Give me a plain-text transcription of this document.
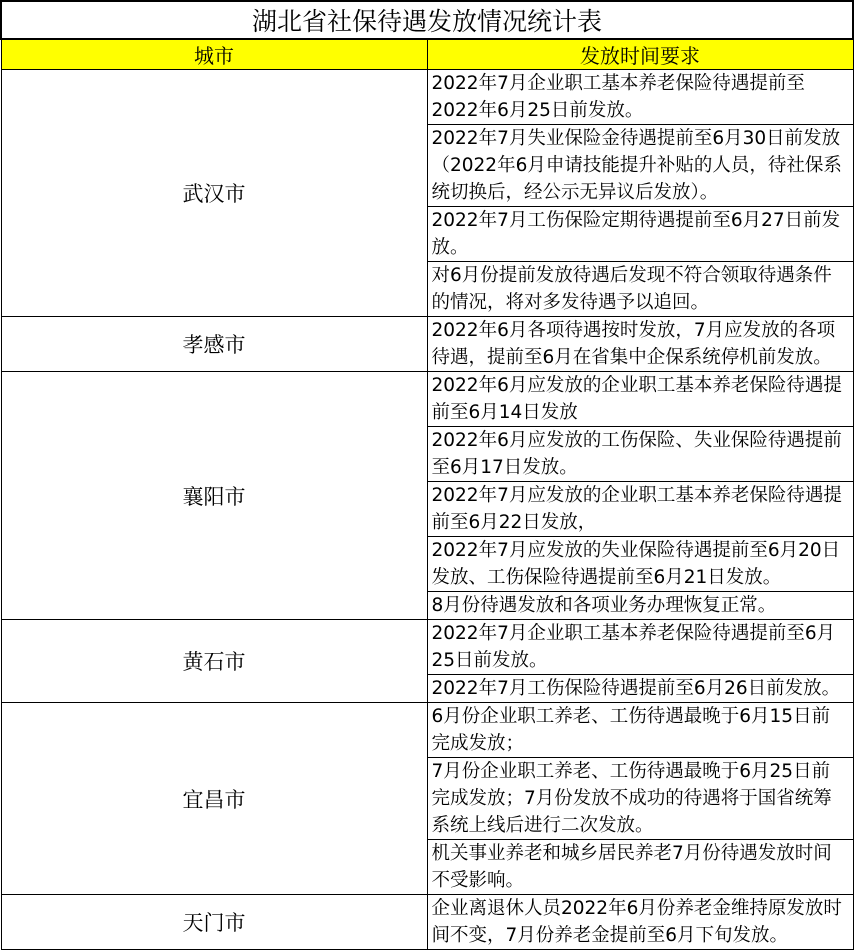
湖北省社保待遇发放情况统计表	
城市	发放时间要求
武汉市	2022年7月企业职工基本养老保险待遇提前至2022年6月25日前发放。
	2022年7月失业保险金待遇提前至6月30日前发放（2022年6月申请技能提升补贴的人员，待社保系统切换后，经公示无异议后发放）。
	2022年7月工伤保险定期待遇提前至6月27日前发放。
	对6月份提前发放待遇后发现不符合领取待遇条件的情况，将对多发待遇予以追回。
孝感市	2022年6月各项待遇按时发放，7月应发放的各项待遇，提前至6月在省集中企保系统停机前发放。
襄阳市	2022年6月应发放的企业职工基本养老保险待遇提前至6月14日发放
	2022年6月应发放的工伤保险、失业保险待遇提前至6月17日发放。
	2022年7月应发放的企业职工基本养老保险待遇提前至6月22日发放，
	2022年7月应发放的失业保险待遇提前至6月20日发放、工伤保险待遇提前至6月21日发放。
	8月份待遇发放和各项业务办理恢复正常。
黄石市	2022年7月企业职工基本养老保险待遇提前至6月25日前发放。
	2022年7月工伤保险待遇提前至6月26日前发放。
宜昌市	6月份企业职工养老、工伤待遇最晚于6月15日前完成发放；
	7月份企业职工养老、工伤待遇最晚于6月25日前完成发放；7月份发放不成功的待遇将于国省统筹系统上线后进行二次发放。
	机关事业养老和城乡居民养老7月份待遇发放时间不受影响。
天门市	企业离退休人员2022年6月份养老金维持原发放时间不变，7月份养老金提前至6月下旬发放。
